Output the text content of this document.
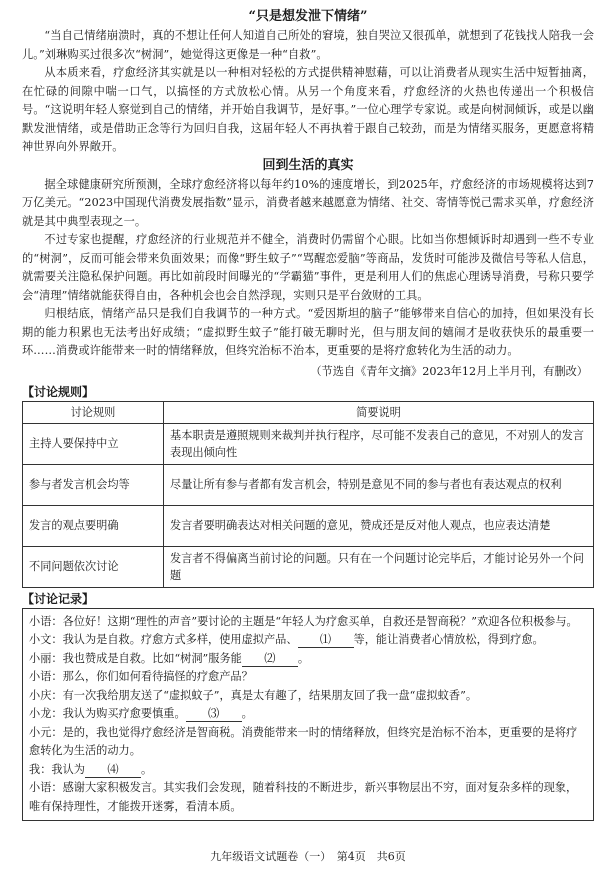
“只是想发泄下情绪”

“当自己情绪崩溃时，真的不想让任何人知道自己所处的窘境，独自哭泣又很孤单，就想到了花钱找人陪我一会儿。”刘琳购买过很多次“树洞”，她觉得这更像是一种“自救”。

从本质来看，疗愈经济其实就是以一种相对轻松的方式提供精神慰藉，可以让消费者从现实生活中短暂抽离，在忙碌的间隙中喘一口气，以搞怪的方式放松心情。从另一个角度来看，疗愈经济的火热也传递出一个积极信号。“这说明年轻人察觉到自己的情绪，并开始自我调节，是好事。”一位心理学专家说。或是向树洞倾诉，或是以幽默发泄情绪，或是借助正念等行为回归自我，这届年轻人不再执着于跟自己较劲，而是为情绪买服务，更愿意将精神世界向外界敞开。

回到生活的真实

据全球健康研究所预测，全球疗愈经济将以每年约10%的速度增长，到2025年，疗愈经济的市场规模将达到7万亿美元。“2023中国现代消费发展指数”显示，消费者越来越愿意为情绪、社交、寄情等悦己需求买单，疗愈经济就是其中典型表现之一。

不过专家也提醒，疗愈经济的行业规范并不健全，消费时仍需留个心眼。比如当你想倾诉时却遇到一些不专业的“树洞”，反而可能会带来负面效果；而像“野生蚊子”“骂醒恋爱脑”等商品，发货时可能涉及微信号等私人信息，就需要关注隐私保护问题。再比如前段时间曝光的“学霸猫”事件，更是利用人们的焦虑心理诱导消费，号称只要学会“清理”情绪就能获得自由，各种机会也会自然浮现，实则只是平台敛财的工具。

归根结底，情绪产品只是我们自我调节的一种方式。“爱因斯坦的脑子”能够带来自信心的加持，但如果没有长期的能力积累也无法考出好成绩；“虚拟野生蚊子”能打破无聊时光，但与朋友间的嬉闹才是收获快乐的最重要一环……消费或许能带来一时的情绪释放，但终究治标不治本，更重要的是将疗愈转化为生活的动力。

（节选自《青年文摘》2023年12月上半月刊，有删改）
【讨论规则】
讨论规则	简要说明
主持人要保持中立	基本职责是遵照规则来裁判并执行程序，尽可能不发表自己的意见，不对别人的发言表现出倾向性
参与者发言机会均等	尽量让所有参与者都有发言机会，特别是意见不同的参与者也有表达观点的权利
发言的观点要明确	发言者要明确表达对相关问题的意见，赞成还是反对他人观点，也应表达清楚
不同问题依次讨论	发言者不得偏离当前讨论的问题。只有在一个问题讨论完毕后，才能讨论另外一个问题
【讨论记录】

小语：各位好！这期“理性的声音”要讨论的主题是“年轻人为疗愈买单，自救还是智商税？”欢迎各位积极参与。

小文：我认为是自救。疗愈方式多样，使用虚拟产品、 ⑴ 等，能让消费者心情放松，得到疗愈。

小丽：我也赞成是自救。比如“树洞”服务能 ⑵ 。

小语：那么，你们如何看待搞怪的疗愈产品？

小庆：有一次我给朋友送了“虚拟蚊子”，真是太有趣了，结果朋友回了我一盘“虚拟蚊香”。

小龙：我认为购买疗愈要慎重。 ⑶ 。

小元：是的，我也觉得疗愈经济是智商税。消费能带来一时的情绪释放，但终究是治标不治本，更重要的是将疗愈转化为生活的动力。

我：我认为 ⑷ 。

小语：感谢大家积极发言。其实我们会发现，随着科技的不断进步，新兴事物层出不穷，面对复杂多样的现象，唯有保持理性，才能拨开迷雾，看清本质。

九年级语文试题卷（一）　第4页　共6页
